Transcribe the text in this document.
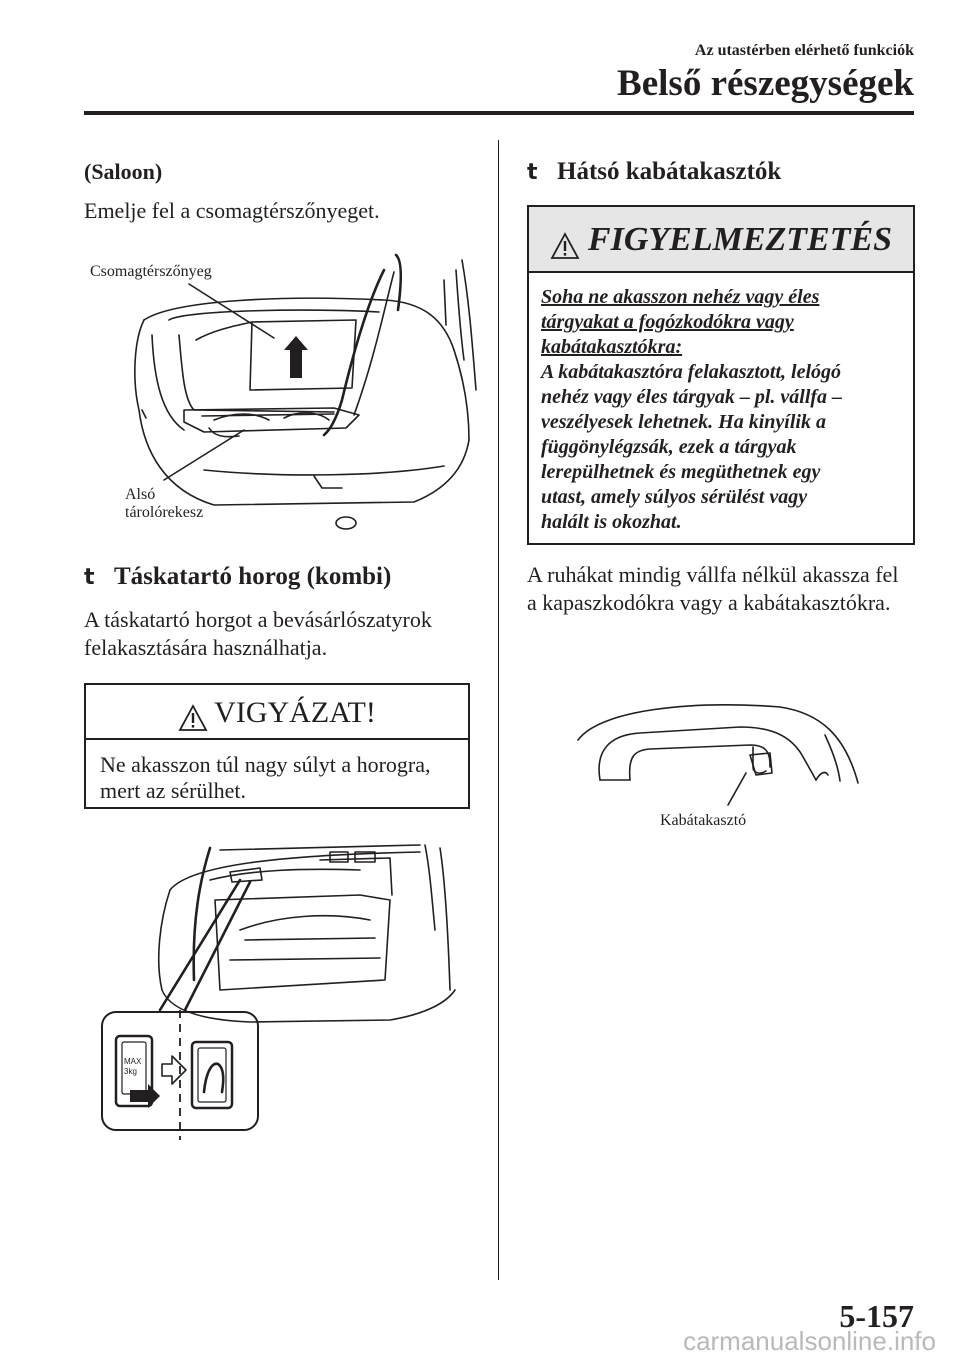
Az utastérben elérhető funkciók
Belső részegységek
(Saloon)
Emelje fel a csomagtérszőnyeget.
Csomagtérszőnyeg
Alsó
tárolórekesz
t Táskatartó horog (kombi)
A táskatartó horgot a bevásárlószatyrok
felakasztására használhatja.
VIGYÁZAT!
Ne akasszon túl nagy súlyt a horogra,
mert az sérülhet.
MAX
3kg
t Hátsó kabátakasztók
FIGYELMEZTETÉS
Soha ne akasszon nehéz vagy éles
tárgyakat a fogózkodókra vagy
kabátakasztókra:
A kabátakasztóra felakasztott, lelógó
nehéz vagy éles tárgyak – pl. vállfa –
veszélyesek lehetnek. Ha kinyílik a
függönylégzsák, ezek a tárgyak
lerepülhetnek és megüthetnek egy
utast, amely súlyos sérülést vagy
halált is okozhat.
A ruhákat mindig vállfa nélkül akassza fel
a kapaszkodókra vagy a kabátakasztókra.
Kabátakasztó
5-157
carmanualsonline.info
